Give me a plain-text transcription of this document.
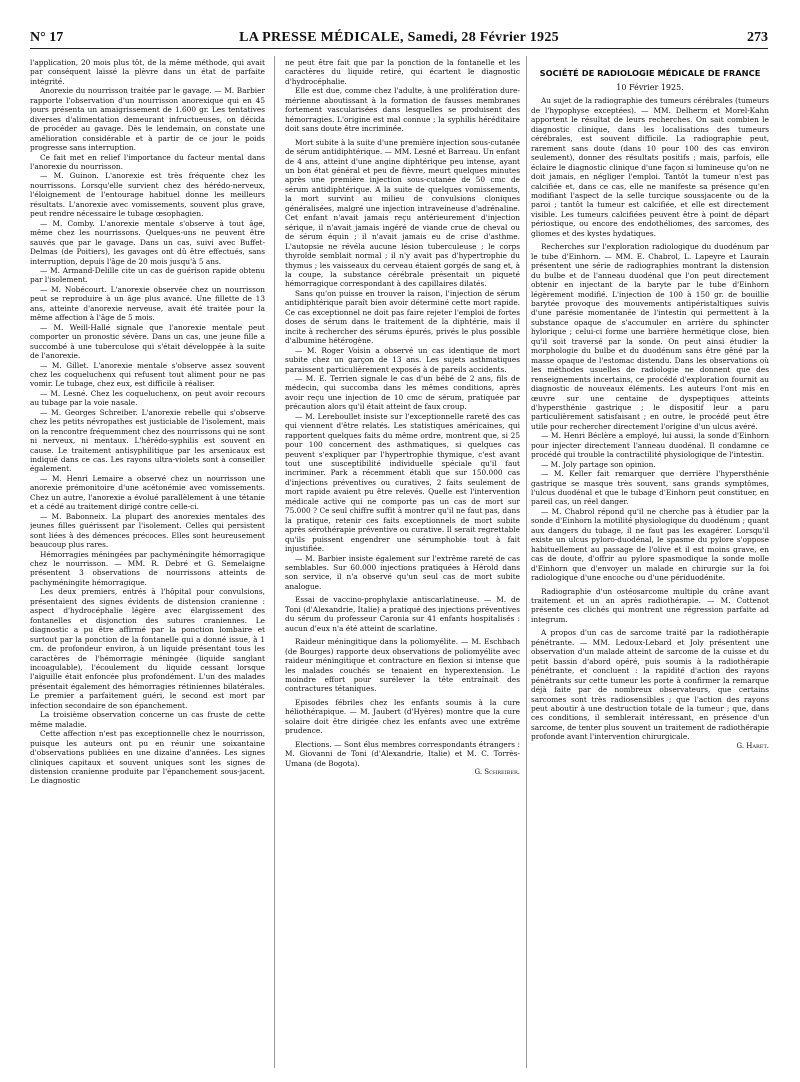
N° 17	LA PRESSE MÉDICALE, Samedi, 28 Février 1925	273

l'application, 20 mois plus tôt, de la même méthode, qui avait par conséquent laissé la plèvre dans un état de parfaite intégrité.

Anorexie du nourrisson traitée par le gavage. — M. Barbier rapporte l'observation d'un nourrisson anorexique qui en 45 jours présenta un amaigrissement de 1.600 gr. Les tentatives diverses d'alimentation demeurant infructueuses, on décida de procéder au gavage. Dès le lendemain, on constate une amélioration considérable et à partir de ce jour le poids progresse sans interruption.

Ce fait met en relief l'importance du facteur mental dans l'anorexie du nourrisson.

— M. Guinon. L'anorexie est très fréquente chez les nourrissons. Lorsqu'elle survient chez des hérédo-nerveux, l'éloignement de l'entourage habituel donne les meilleurs résultats. L'anorexie avec vomissements, souvent plus grave, peut rendre nécessaire le tubage œsophagien.

— M. Comby. L'anorexie mentale s'observe à tout âge, même chez les nourrissons. Quelques-uns ne peuvent être sauvés que par le gavage. Dans un cas, suivi avec Buffet-Delmas (de Poitiers), les gavages ont dû être effectués, sans interruption, depuis l'âge de 20 mois jusqu'à 5 ans.

— M. Armand-Delille cite un cas de guérison rapide obtenu par l'isolement.

— M. Nobécourt. L'anorexie observée chez un nourrisson peut se reproduire à un âge plus avancé. Une fillette de 13 ans, atteinte d'anorexie nerveuse, avait été traitée pour la même affection à l'âge de 5 mois.

— M. Weill-Hallé signale que l'anorexie mentale peut comporter un pronostic sévère. Dans un cas, une jeune fille a succombé à une tuberculose qui s'était développée à la suite de l'anorexie.

— M. Gillet. L'anorexie mentale s'observe assez souvent chez les coqueluchenx qui refusent tout aliment pour ne pas vomir. Le tubage, chez eux, est difficile à réaliser.

— M. Lesné. Chez les coqueluchenx, on peut avoir recours au tubage par la voie nasale.

— M. Georges Schreiber. L'anorexie rebelle qui s'observe chez les petits névropathes est justiciable de l'isolement, mais on la rencontre fréquemment chez des nourrissons qui ne sont ni nerveux, ni mentaux. L'hérédo-syphilis est souvent en cause. Le traitement antisyphilitique par les arsenicaux est indiqué dans ce cas. Les rayons ultra-violets sont à conseiller également.

— M. Henri Lemaire a observé chez un nourrisson une anorexie prémonitoire d'une acétonémie avec vomissements. Chez un autre, l'anorexie a évolué parallèlement à une tétanie et a cédé au traitement dirigé contre celle-ci.

— M. Babonneix. La plupart des anorexies mentales des jeunes filles guérissent par l'isolement. Celles qui persistent sont liées à des démences précoces. Elles sont heureusement beaucoup plus rares.

Hémorragies méningées par pachyméningite hémorragique chez le nourrisson. — MM. R. Debré et G. Semelaigne présentent 3 observations de nourrissons atteints de pachyméningite hémorragique.

Les deux premiers, entrés à l'hôpital pour convulsions, présentaient des signes évidents de distension cranienne : aspect d'hydrocéphalie légère avec élargissement des fontanelles et disjonction des sutures craniennes. Le diagnostic a pu être affirmé par la ponction lombaire et surtout par la ponction de la fontanelle qui a donné issue, à 1 cm. de profondeur environ, à un liquide présentant tous les caractères de l'hémorragie méningée (liquide sanglant incoagulable), l'écoulement du liquide cessant lorsque l'aiguille était enfoncée plus profondément. L'un des malades présentait également des hémorragies rétiniennes bilatérales. Le premier a parfaitement guéri, le second est mort par infection secondaire de son épanchement.

La troisième observation concerne un cas fruste de cette même maladie.

Cette affection n'est pas exceptionnelle chez le nourrisson, puisque les auteurs ont pu en réunir une soixantaine d'observations publiées en une dizaine d'années. Les signes cliniques capitaux et souvent uniques sont les signes de distension cranienne produite par l'épanchement sous-jacent. Le diagnostic

ne peut être fait que par la ponction de la fontanelle et les caractères du liquide retiré, qui écartent le diagnostic d'hydrocéphalie.

Elle est due, comme chez l'adulte, à une prolifération dure-mérienne aboutissant à la formation de fausses membranes fortement vascularisées dans lesquelles se produisent des hémorragies. L'origine est mal connue ; la syphilis héréditaire doit sans doute être incriminée.

Mort subite à la suite d'une première injection sous-cutanée de sérum antidiphtérique. — MM. Lesné et Barreau. Un enfant de 4 ans, atteint d'une angine diphtérique peu intense, ayant un bon état général et peu de fièvre, meurt quelques minutes après une première injection sous-cutanée de 50 cmc de sérum antidiphtérique. A la suite de quelques vomissements, la mort survint au milieu de convulsions cloniques généralisées, malgré une injection intraveineuse d'adrénaline. Cet enfant n'avait jamais reçu antérieurement d'injection sérique, il n'avait jamais ingéré de viande crue de cheval ou de sérum équin ; il n'avait jamais eu de crise d'asthme. L'autopsie ne révéla aucune lésion tuberculeuse ; le corps thyroïde semblait normal ; il n'y avait pas d'hypertrophie du thymus ; les vaisseaux du cerveau étaient gorgés de sang et, à la coupe, la substance cérébrale présentait un piqueté hémorragique correspondant à des capillaires dilatés.

Sans qu'on puisse en trouver la raison, l'injection de sérum antidiphtérique paraît bien avoir déterminé cette mort rapide. Ce cas exceptionnel ne doit pas faire rejeter l'emploi de fortes doses de sérum dans le traitement de la diphtérie, mais il incite à rechercher des sérums épurés, privés le plus possible d'albumine hétérogène.

— M. Roger Voisin a observé un cas identique de mort subite chez un garçon de 13 ans. Les sujets asthmatiques paraissent particulièrement exposés à de pareils accidents.

— M. E. Terrien signale le cas d'un bébé de 2 ans, fils de médecin, qui succomba dans les mêmes conditions, après avoir reçu une injection de 10 cmc de sérum, pratiquée par précaution alors qu'il était atteint de faux croup.

— M. Lereboullet insiste sur l'exceptionnelle rareté des cas qui viennent d'être relatés. Les statistiques américaines, qui rapportent quelques faits du même ordre, montrent que, si 25 pour 100 concernent des asthmatiques, si quelques cas peuvent s'expliquer par l'hypertrophie thymique, c'est avant tout une susceptibilité individuelle spéciale qu'il faut incriminer. Park a récemment établi que sur 150.000 cas d'injections préventives ou curatives, 2 faits seulement de mort rapide avaient pu être relevés. Quelle est l'intervention médicale active qui ne comporte pas un cas de mort sur 75.000 ? Ce seul chiffre suffit à montrer qu'il ne faut pas, dans la pratique, retenir ces faits exceptionnels de mort subite après sérothérapie préventive ou curative. Il serait regrettable qu'ils puissent engendrer une sérumphobie tout à fait injustifiée.

— M. Barbier insiste également sur l'extrême rareté de cas semblables. Sur 60.000 injections pratiquées à Hérold dans son service, il n'a observé qu'un seul cas de mort subite analogue.

Essai de vaccino-prophylaxie antiscarlatineuse. — M. de Toni (d'Alexandrie, Italie) a pratiqué des injections préventives du sérum du professeur Caronia sur 41 enfants hospitalisés : aucun d'eux n'a été atteint de scarlatine.

Raideur méningitique dans la poliomyélite. — M. Eschbach (de Bourges) rapporte deux observations de poliomyélite avec raideur méningitique et contracture en flexion si intense que les malades couchés se tenaient en hyperextension. Le moindre effort pour surélever la tête entraînait des contractures tétaniques.

Episodes fébriles chez les enfants soumis à la cure héliothérapique. — M. Jaubert (d'Hyères) montre que la cure solaire doit être dirigée chez les enfants avec une extrême prudence.

Elections. — Sont élus membres correspondants étrangers : M. Giovanni de Toni (d'Alexandrie, Italie) et M. C. Torrès-Umana (de Bogota).

G. Schreiber.

SOCIÉTÉ DE RADIOLOGIE MÉDICALE DE FRANCE
10 Février 1925.

Au sujet de la radiographie des tumeurs cérébrales (tumeurs de l'hypophyse exceptées). — MM. Delherm et Morel-Kahn apportent le résultat de leurs recherches. On sait combien le diagnostic clinique, dans les localisations des tumeurs cérébrales, est souvent difficile. La radiographie peut, rarement sans doute (dans 10 pour 100 des cas environ seulement), donner des résultats positifs ; mais, parfois, elle éclaire le diagnostic clinique d'une façon si lumineuse qu'on ne doit jamais, en négliger l'emploi. Tantôt la tumeur n'est pas calcifiée et, dans ce cas, elle ne manifeste sa présence qu'en modifiant l'aspect de la selle turcique soussjacente ou de la paroi ; tantôt la tumeur est calcifiée, et elle est directement visible. Les tumeurs calcifiées peuvent être à point de départ périostique, ou encore des endothéliomes, des sarcomes, des gliomes et des kystes hydatiques.

Recherches sur l'exploration radiologique du duodénum par le tube d'Einhorn. — MM. E. Chabrol, L. Lapeyre et Laurain présentent une série de radiographies montrant la distension du bulbe et de l'anneau duodénal que l'on peut directement obtenir en injectant de la baryte par le tube d'Einhorn légèrement modifié. L'injection de 100 à 150 gr. de bouillie barytée provoque des mouvements antipéristaltiques suivis d'une parésie momentanée de l'intestin qui permettent à la substance opaque de s'accumuler en arrière du sphincter hylorique ; celui-ci forme une barrière hermétique close, bien qu'il soit traversé par la sonde. On peut ainsi étudier la morphologie du bulbe et du duodénum sans être gêné par la masse opaque de l'estomac distendu. Dans les observations où les méthodes usuelles de radiologie ne donnent que des renseignements incertains, ce procédé d'exploration fournit au diagnostic de nouveaux éléments. Les auteurs l'ont mis en œuvre sur une centaine de dyspeptiques atteints d'hypersthénie gastrique ; le dispositif leur a paru particulièrement satisfaisant ; en outre, le procédé peut être utile pour rechercher directement l'origine d'un ulcus avéré.

— M. Henri Béclère a employé, lui aussi, la sonde d'Einhorn pour injecter directement l'anneau duodénal. Il condamne ce procédé qui trouble la contractilité physiologique de l'intestin.

— M. Joly partage son opinion.

— M. Keller fait remarquer que derrière l'hypersthénie gastrique se masque très souvent, sans grands symptômes, l'ulcus duodénal et que le tubage d'Einhorn peut constituer, en pareil cas, un réel danger.

— M. Chabrol répond qu'il ne cherche pas à étudier par la sonde d'Einhorn la motilité physiologique du duodénum ; quant aux dangers du tubage, il ne faut pas les exagérer. Lorsqu'il existe un ulcus pyloro-duodénal, le spasme du pylore s'oppose habituellement au passage de l'olive et il est moins grave, en cas de doute, d'offrir au pylore spasmodique la sonde molle d'Einhorn que d'envoyer un malade en chirurgie sur la foi radiologique d'une encoche ou d'une périduodénite.

Radiographie d'un ostéosarcome multiple du crâne avant traitement et un an après radiothérapie. — M. Cottenot présente ces clichés qui montrent une régression parfaite ad integrum.

A propos d'un cas de sarcome traité par la radiothérapie pénétrante. — MM. Ledoux-Lebard et Joly présentent une observation d'un malade atteint de sarcome de la cuisse et du petit bassin d'abord opéré, puis soumis à la radiothérapie pénétrante, et concluent : la rapidité d'action des rayons pénétrants sur cette tumeur les porte à confirmer la remarque déjà faite par de nombreux observateurs, que certains sarcomes sont très radiosensibles ; que l'action des rayons peut aboutir à une destruction totale de la tumeur ; que, dans ces conditions, il semblerait intéressant, en présence d'un sarcome, de tenter plus souvent un traitement de radiothérapie profonde avant l'intervention chirurgicale.

G. Haret.
